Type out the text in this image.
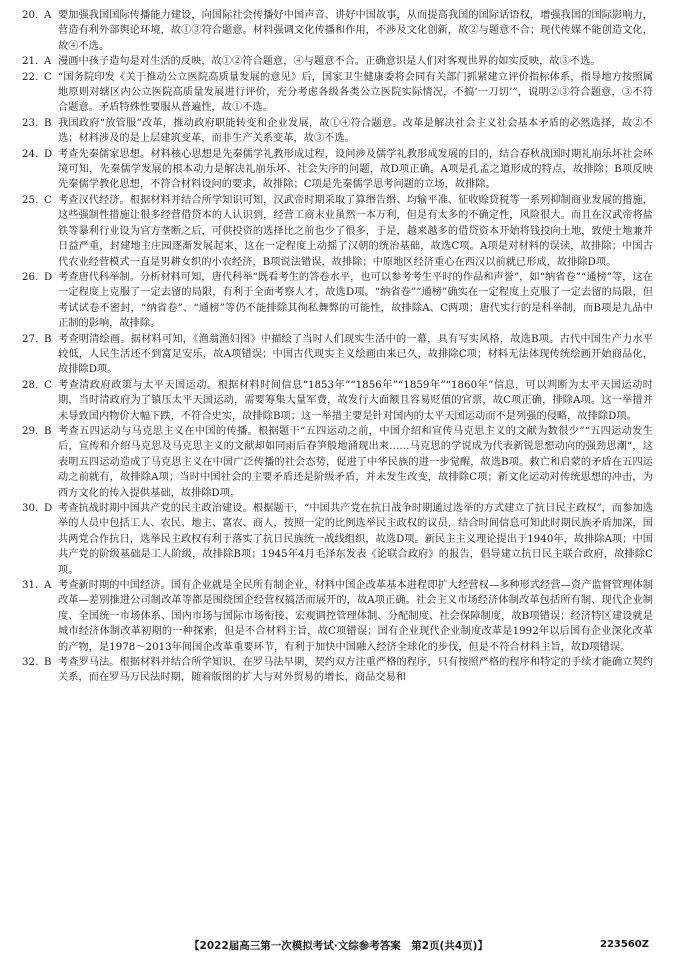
20. A 要加强我国国际传播能力建设，向国际社会传播好中国声音、讲好中国故事，从而提高我国的国际话语权，增强我国的国际影响力，营造有利外部舆论环境，故①③符合题意。材料强调文化传播和作用，不涉及文化创新，故②与题意不合；现代传媒不能创造文化，故④不选。
21. A 漫画中孩子造句是对生活的反映，故①②符合题意，④与题意不合。正确意识是人们对客观世界的如实反映，故③不选。
22. C “国务院印发《关于推动公立医院高质量发展的意见》后，国家卫生健康委将会同有关部门抓紧建立评价指标体系，指导地方按照属地原则对辖区内公立医院高质量发展进行评价，充分考虑各级各类公立医院实际情况，不搞‘一刀切’”，说明②③符合题意，③不符合题意。矛盾特殊性要服从普遍性，故①不选。
23. B 我国政府“放管服”改革，推动政府职能转变和企业发展，故①④符合题意。改革是解决社会主义社会基本矛盾的必然选择，故②不选；材料涉及的是上层建筑变革，而非生产关系变革，故③不选。
24. D 考查先秦儒家思想。材料核心思想是先秦儒学礼教形成过程，设问涉及儒学礼教形成发展的目的，结合春秋战国时期礼崩乐坏社会环境可知，先秦儒学发展的根本动力是解决礼崩乐坏、社会失序的问题，故D项正确。A项是孔孟之道形成的特点，故排除；B项反映先秦儒学教化思想，不符合材料设问的要求，故排除；C项是先秦儒学思考问题的立场，故排除。
25. C 考查汉代经济。根据材料并结合所学知识可知，汉武帝时期采取了算缗告缗、均输平准、征收赊贷税等一系列抑制商业发展的措施，这些强制性措施让很多经营借贷本的人认识到，经营工商末业虽然一本万利，但是有太多的不确定性，风险很大。而且在汉武帝将盐铁等暴利行业设为官方垄断之后，可供投资的选择比之前也少了很多，于是，越来越多的借贷资本开始将钱投向土地，致使土地兼并日益严重，封建地主庄园逐渐发展起来，这在一定程度上动摇了汉朝的统治基础，故选C项。A项是对材料的误读，故排除；中国古代农业经营模式一直是男耕女织的小农经济，B项说法错误，故排除；中原地区经济重心在西汉以前就已形成，故排除D项。
26. D 考查唐代科举制。分析材料可知，唐代科举“既看考生的答卷水平，也可以参考考生平时的作品和声誉”，如“纳省卷”“通榜”等，这在一定程度上克服了一定去留的局限，有利于全面考察人才，故选D项。“纳省卷”“通榜”确实在一定程度上克服了一定去留的局限，但考试试卷不密封，“纳省卷”、“通榜”等仍不能排除其徇私舞弊的可能性，故排除A、C两项；唐代实行的是科举制，而B项是九品中正制的影响，故排除。
27. B 考查明清绘画。据材料可知，《渔翁渔妇图》中描绘了当时人们现实生活中的一幕，具有写实风格，故选B项。古代中国生产力水平较低，人民生活还不到富足安乐，故A项错误；中国古代现实主义绘画由来已久，故排除C项；材料无法体现传统绘画开始商品化，故排除D项。
28. C 考查清政府政策与太平天国运动。根据材料时间信息“1853年”“1856年”“1859年”“1860年”信息，可以判断为太平天国运动时期，当时清政府为了镇压太平天国运动，需要筹集大量军费，故发行大面额且容易贬值的官票，故C项正确，排除A项。这一举措并未导致国内物价大幅下跌，不符合史实，故排除B项；这一举措主要是针对国内的太平天国运动而不是列强的侵略，故排除D项。
29. B 考查五四运动与马克思主义在中国的传播。根据题干“五四运动之前，中国介绍和宣传马克思主义的文献为数很少”“五四运动发生后，宣传和介绍马克思及马克思主义的文献却如同雨后春笋般地涌现出来……马克思的学说成为代表新锐思想动向的强劲思潮”，这表明五四运动造成了马克思主义在中国广泛传播的社会态势，促进了中华民族的进一步觉醒，故选B项。救亡和启蒙的矛盾在五四运动之前就有，故排除A项；当时中国社会的主要矛盾还是阶级矛盾，并未发生改变，故排除C项；新文化运动对传统思想的冲击，为西方文化的传入提供基础，故排除D项。
30. D 考查抗战时期中国共产党的民主政治建设。根据题干，“中国共产党在抗日战争时期通过选举的方式建立了抗日民主政权”，而参加选举的人员中包括工人、农民、地主、富农、商人，按照一定的比例选举民主政权的议员，结合时间信息可知此时期民族矛盾加深，国共两党合作抗日，选举民主政权有利于落实了抗日民族统一战线组织，故选D项。新民主主义理论提出于1940年，故排除A项；中国共产党的阶级基础是工人阶级，故排除B项；1945年4月毛泽东发表《论联合政府》的报告，倡导建立抗日民主联合政府，故排除C项。
31. A 考查新时期的中国经济。国有企业就是全民所有制企业，材料中国企改革基本进程即扩大经营权—多种形式经营—资产监督管理体制改革—差别推进公司制改革等都是围绕国企经营权搞活而展开的，故A项正确。社会主义市场经济体制改革包括所有制、现代企业制度、全国统一市场体系、国内市场与国际市场衔接、宏观调控管理体制、分配制度、社会保障制度，故B项错误；经济特区建设就是城市经济体制改革初期的一种探索，但是不合材料主旨，故C项错误；国有企业现代企业制度改革是1992年以后国有企业深化改革的产物，是1978～2013年间国企改革重要环节，有利于加快中国融入经济全球化的步伐，但是不符合材料主旨，故D项错误。
32. B 考查罗马法。根据材料并结合所学知识，在罗马法早期，契约双方注重严格的程序，只有按照严格的程序和特定的手续才能确立契约关系，而在罗马万民法时期，随着版图的扩大与对外贸易的增长，商品交易和
【2022届高三第一次模拟考试·文综参考答案　第2页(共4页)】	223560Z
